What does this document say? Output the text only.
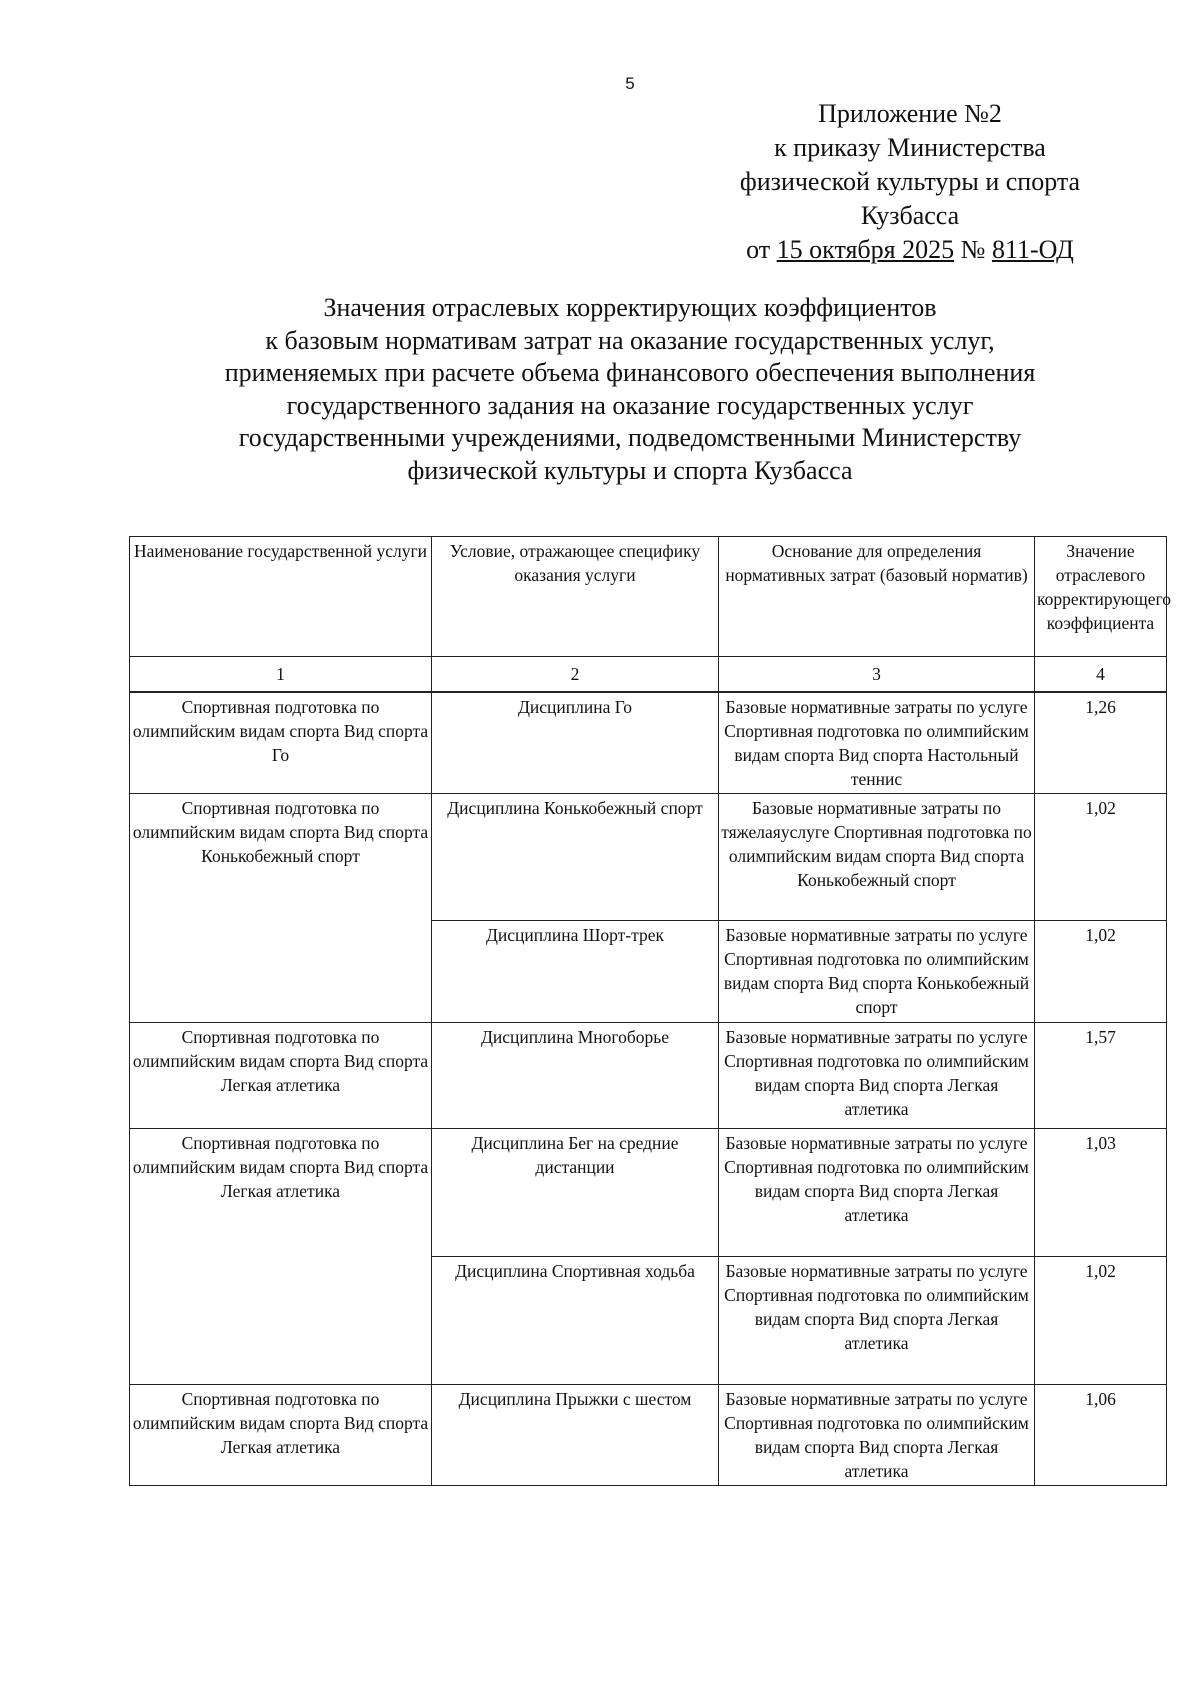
5
Приложение №2
к приказу Министерства
физической культуры и спорта
Кузбасса
от 15 октября 2025 № 811-ОД
Значения отраслевых корректирующих коэффициентов
к базовым нормативам затрат на оказание государственных услуг,
применяемых при расчете объема финансового обеспечения выполнения
государственного задания на оказание государственных услуг
государственными учреждениями, подведомственными Министерству
физической культуры и спорта Кузбасса
Наименование государственной услуги	Условие, отражающее специфику оказания услуги	Основание для определения нормативных затрат (базовый норматив)	Значение отраслевого корректирующего коэффициента
1	2	3	4

Спортивная подготовка по олимпийским видам спорта Вид спорта Го	Дисциплина Го	Базовые нормативные затраты по услуге Спортивная подготовка по олимпийским видам спорта Вид спорта Настольный теннис	1,26
Спортивная подготовка по олимпийским видам спорта Вид спорта Конькобежный спорт	Дисциплина Конькобежный спорт	Базовые нормативные затраты по тяжелаяуслуге Спортивная подготовка по олимпийским видам спорта Вид спорта Конькобежный спорт	1,02
	Дисциплина Шорт-трек	Базовые нормативные затраты по услуге Спортивная подготовка по олимпийским видам спорта Вид спорта Конькобежный спорт	1,02
Спортивная подготовка по олимпийским видам спорта Вид спорта Легкая атлетика	Дисциплина Многоборье	Базовые нормативные затраты по услуге Спортивная подготовка по олимпийским видам спорта Вид спорта Легкая атлетика	1,57
Спортивная подготовка по олимпийским видам спорта Вид спорта Легкая атлетика	Дисциплина Бег на средние дистанции	Базовые нормативные затраты по услуге Спортивная подготовка по олимпийским видам спорта Вид спорта Легкая атлетика	1,03
	Дисциплина Спортивная ходьба	Базовые нормативные затраты по услуге Спортивная подготовка по олимпийским видам спорта Вид спорта Легкая атлетика	1,02
Спортивная подготовка по олимпийским видам спорта Вид спорта Легкая атлетика	Дисциплина Прыжки с шестом	Базовые нормативные затраты по услуге Спортивная подготовка по олимпийским видам спорта Вид спорта Легкая атлетика	1,06
